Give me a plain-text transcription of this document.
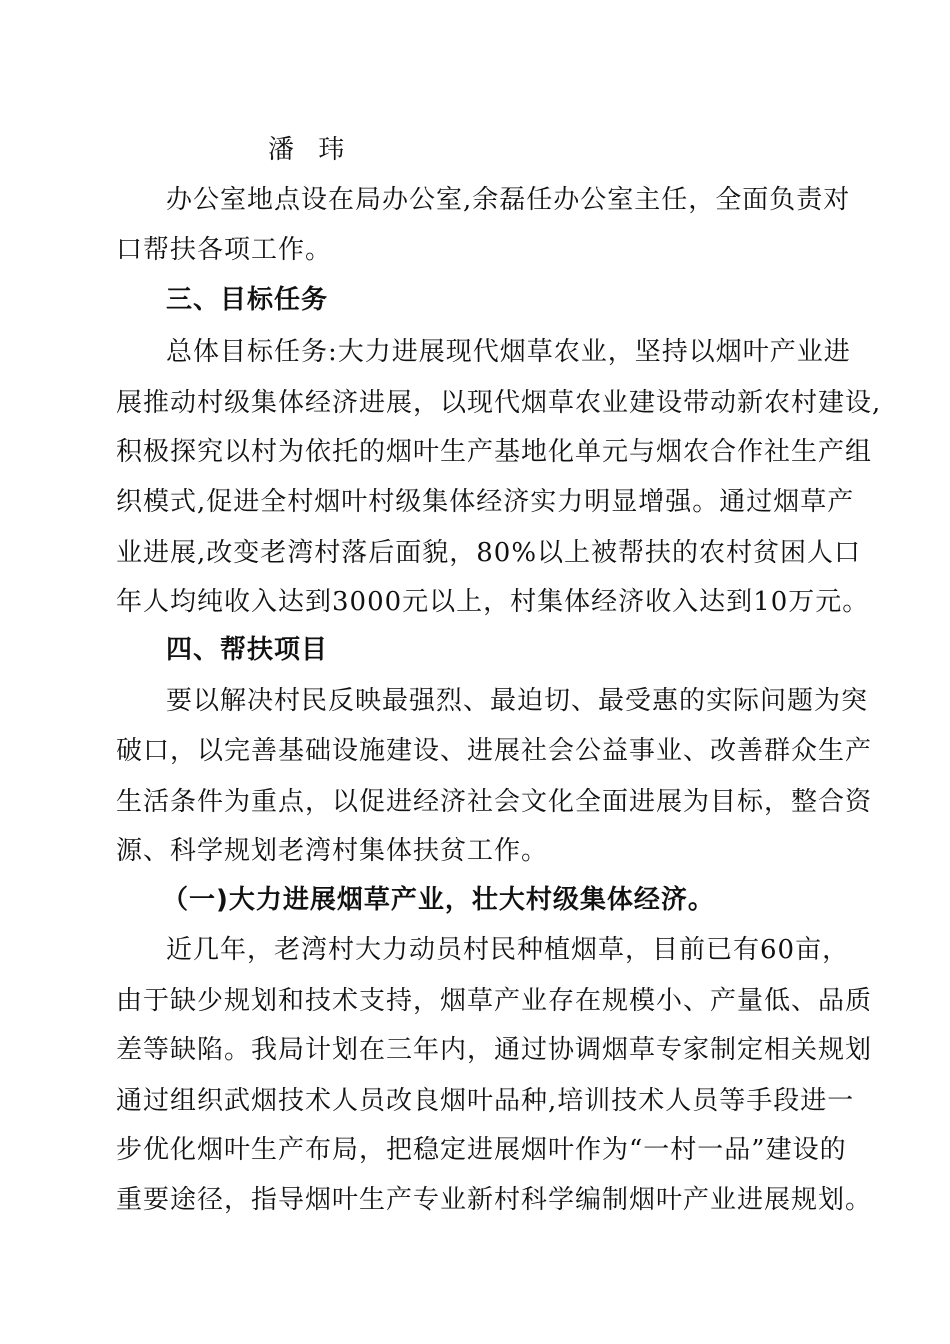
潘 玮
办公室地点设在局办公室,余磊任办公室主任，全面负责对
口帮扶各项工作。
三、目标任务
总体目标任务:大力进展现代烟草农业，坚持以烟叶产业进
展推动村级集体经济进展，以现代烟草农业建设带动新农村建设,
积极探究以村为依托的烟叶生产基地化单元与烟农合作社生产组
织模式,促进全村烟叶村级集体经济实力明显增强。通过烟草产
业进展,改变老湾村落后面貌，80%以上被帮扶的农村贫困人口
年人均纯收入达到3000元以上，村集体经济收入达到10万元。
四、帮扶项目
要以解决村民反映最强烈、最迫切、最受惠的实际问题为突
破口，以完善基础设施建设、进展社会公益事业、改善群众生产
生活条件为重点，以促进经济社会文化全面进展为目标，整合资
源、科学规划老湾村集体扶贫工作。
（一)大力进展烟草产业，壮大村级集体经济。
近几年，老湾村大力动员村民种植烟草，目前已有60亩，
由于缺少规划和技术支持，烟草产业存在规模小、产量低、品质
差等缺陷。我局计划在三年内，通过协调烟草专家制定相关规划
通过组织武烟技术人员改良烟叶品种,培训技术人员等手段进一
步优化烟叶生产布局，把稳定进展烟叶作为“一村一品”建设的
重要途径，指导烟叶生产专业新村科学编制烟叶产业进展规划。
